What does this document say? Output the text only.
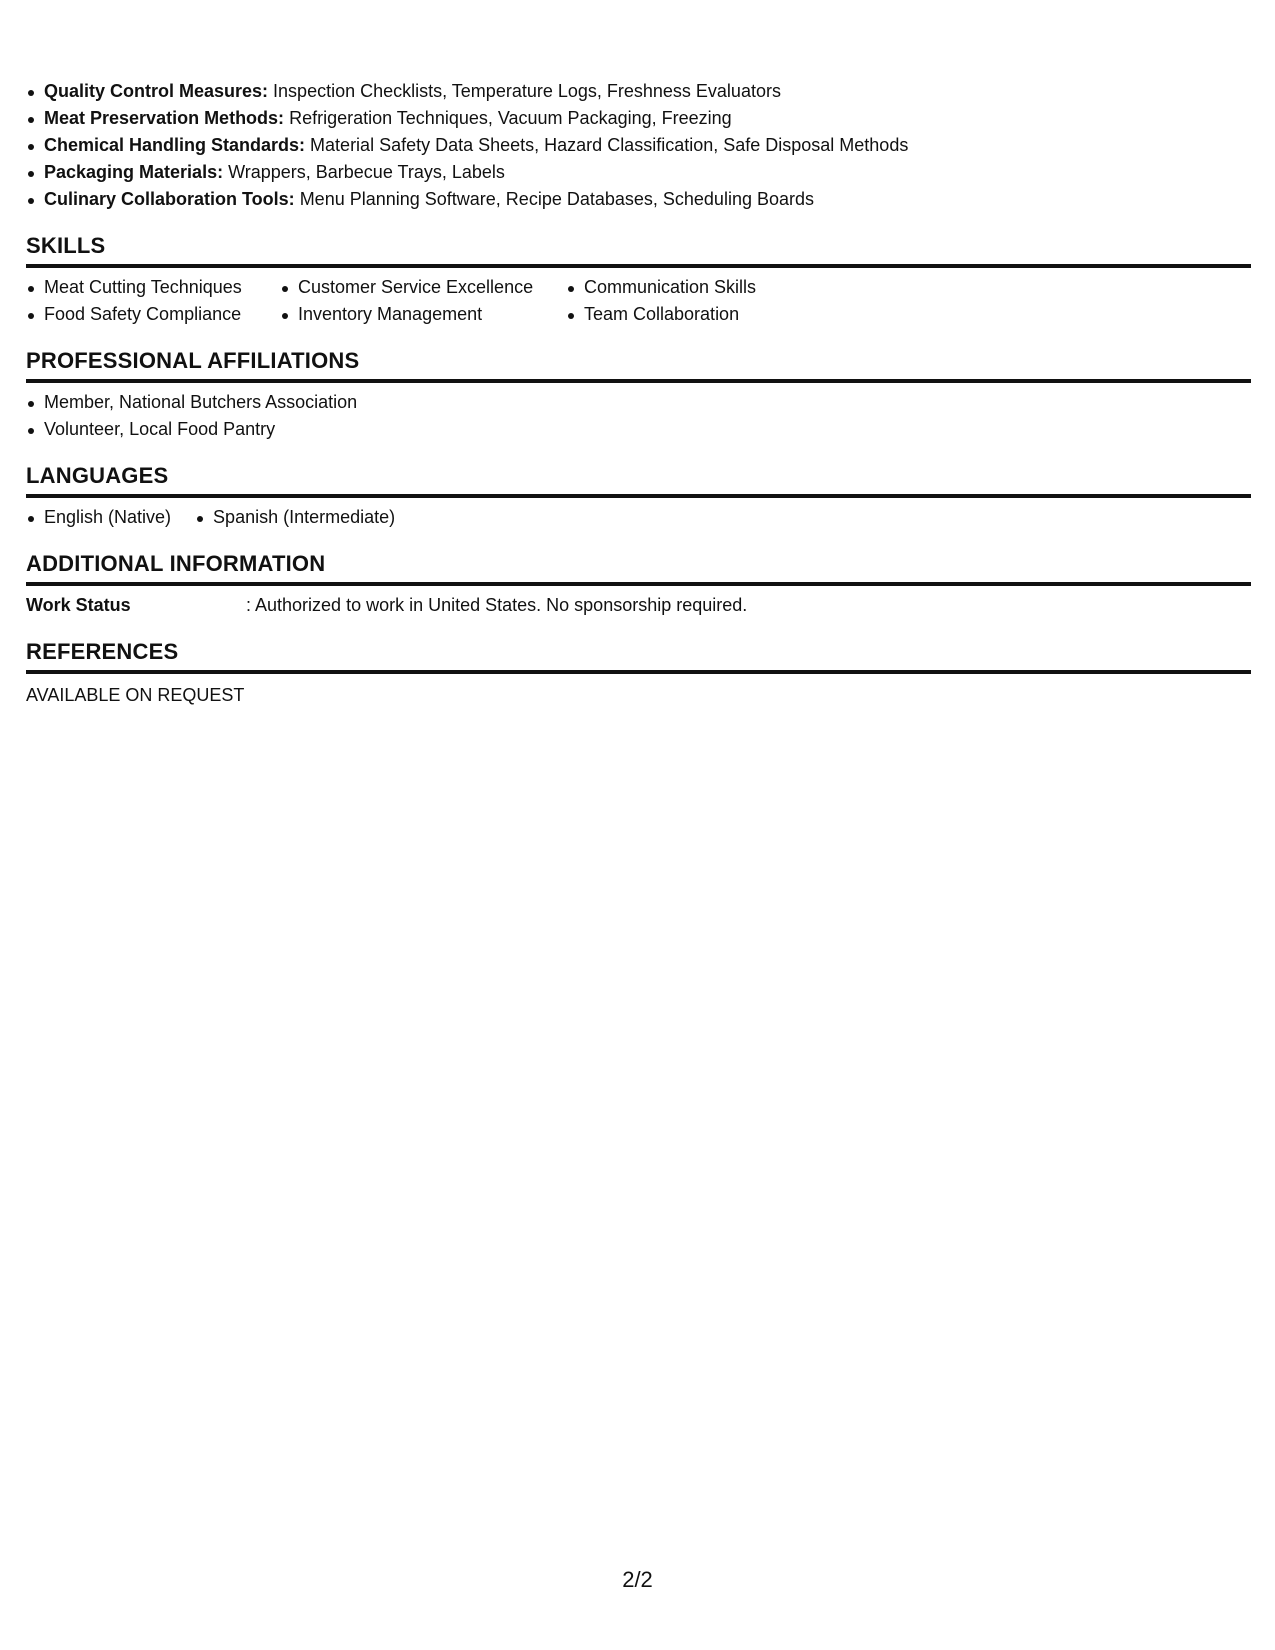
Quality Control Measures: Inspection Checklists, Temperature Logs, Freshness Evaluators
Meat Preservation Methods: Refrigeration Techniques, Vacuum Packaging, Freezing
Chemical Handling Standards: Material Safety Data Sheets, Hazard Classification, Safe Disposal Methods
Packaging Materials: Wrappers, Barbecue Trays, Labels
Culinary Collaboration Tools: Menu Planning Software, Recipe Databases, Scheduling Boards
SKILLS
Meat Cutting Techniques
Food Safety Compliance
Customer Service Excellence
Inventory Management
Communication Skills
Team Collaboration
PROFESSIONAL AFFILIATIONS
Member, National Butchers Association
Volunteer, Local Food Pantry
LANGUAGES
English (Native)	Spanish (Intermediate)
ADDITIONAL INFORMATION
Work Status	: Authorized to work in United States. No sponsorship required.
REFERENCES
AVAILABLE ON REQUEST
2/2
